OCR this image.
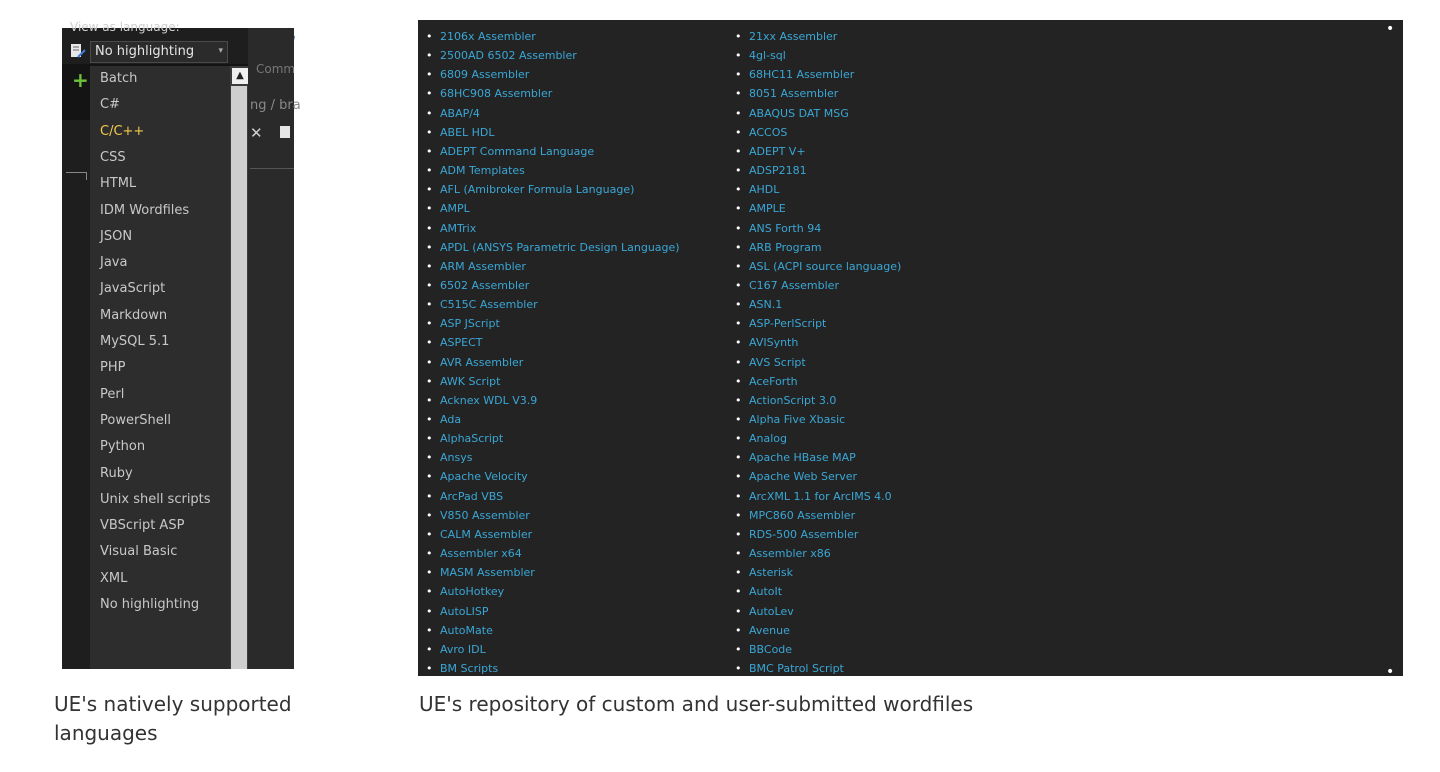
View as language:
Comm
ng / bra
✕
No highlighting	▾
+ Batch
C#
C/C++
CSS
HTML
IDM Wordfiles
JSON
Java
JavaScript
Markdown
MySQL 5.1
PHP
Perl
PowerShell
Python
Ruby
Unix shell scripts
VBScript ASP
Visual Basic
XML
No highlighting
▲
UE's natively supported languages
• 2106x Assembler
• 2500AD 6502 Assembler
• 6809 Assembler
• 68HC908 Assembler
• ABAP/4
• ABEL HDL
• ADEPT Command Language
• ADM Templates
• AFL (Amibroker Formula Language)
• AMPL
• AMTrix
• APDL (ANSYS Parametric Design Language)
• ARM Assembler
• 6502 Assembler
• C515C Assembler
• ASP JScript
• ASPECT
• AVR Assembler
• AWK Script
• Acknex WDL V3.9
• Ada
• AlphaScript
• Ansys
• Apache Velocity
• ArcPad VBS
• V850 Assembler
• CALM Assembler
• Assembler x64
• MASM Assembler
• AutoHotkey
• AutoLISP
• AutoMate
• Avro IDL
• BM Scripts
• 21xx Assembler
• 4gl-sql
• 68HC11 Assembler
• 8051 Assembler
• ABAQUS DAT MSG
• ACCOS
• ADEPT V+
• ADSP2181
• AHDL
• AMPLE
• ANS Forth 94
• ARB Program
• ASL (ACPI source language)
• C167 Assembler
• ASN.1
• ASP-PerlScript
• AVISynth
• AVS Script
• AceForth
• ActionScript 3.0
• Alpha Five Xbasic
• Analog
• Apache HBase MAP
• Apache Web Server
• ArcXML 1.1 for ArcIMS 4.0
• MPC860 Assembler
• RDS-500 Assembler
• Assembler x86
• Asterisk
• AutoIt
• AutoLev
• Avenue
• BBCode
• BMC Patrol Script
•
•
UE's repository of custom and user-submitted wordfiles
